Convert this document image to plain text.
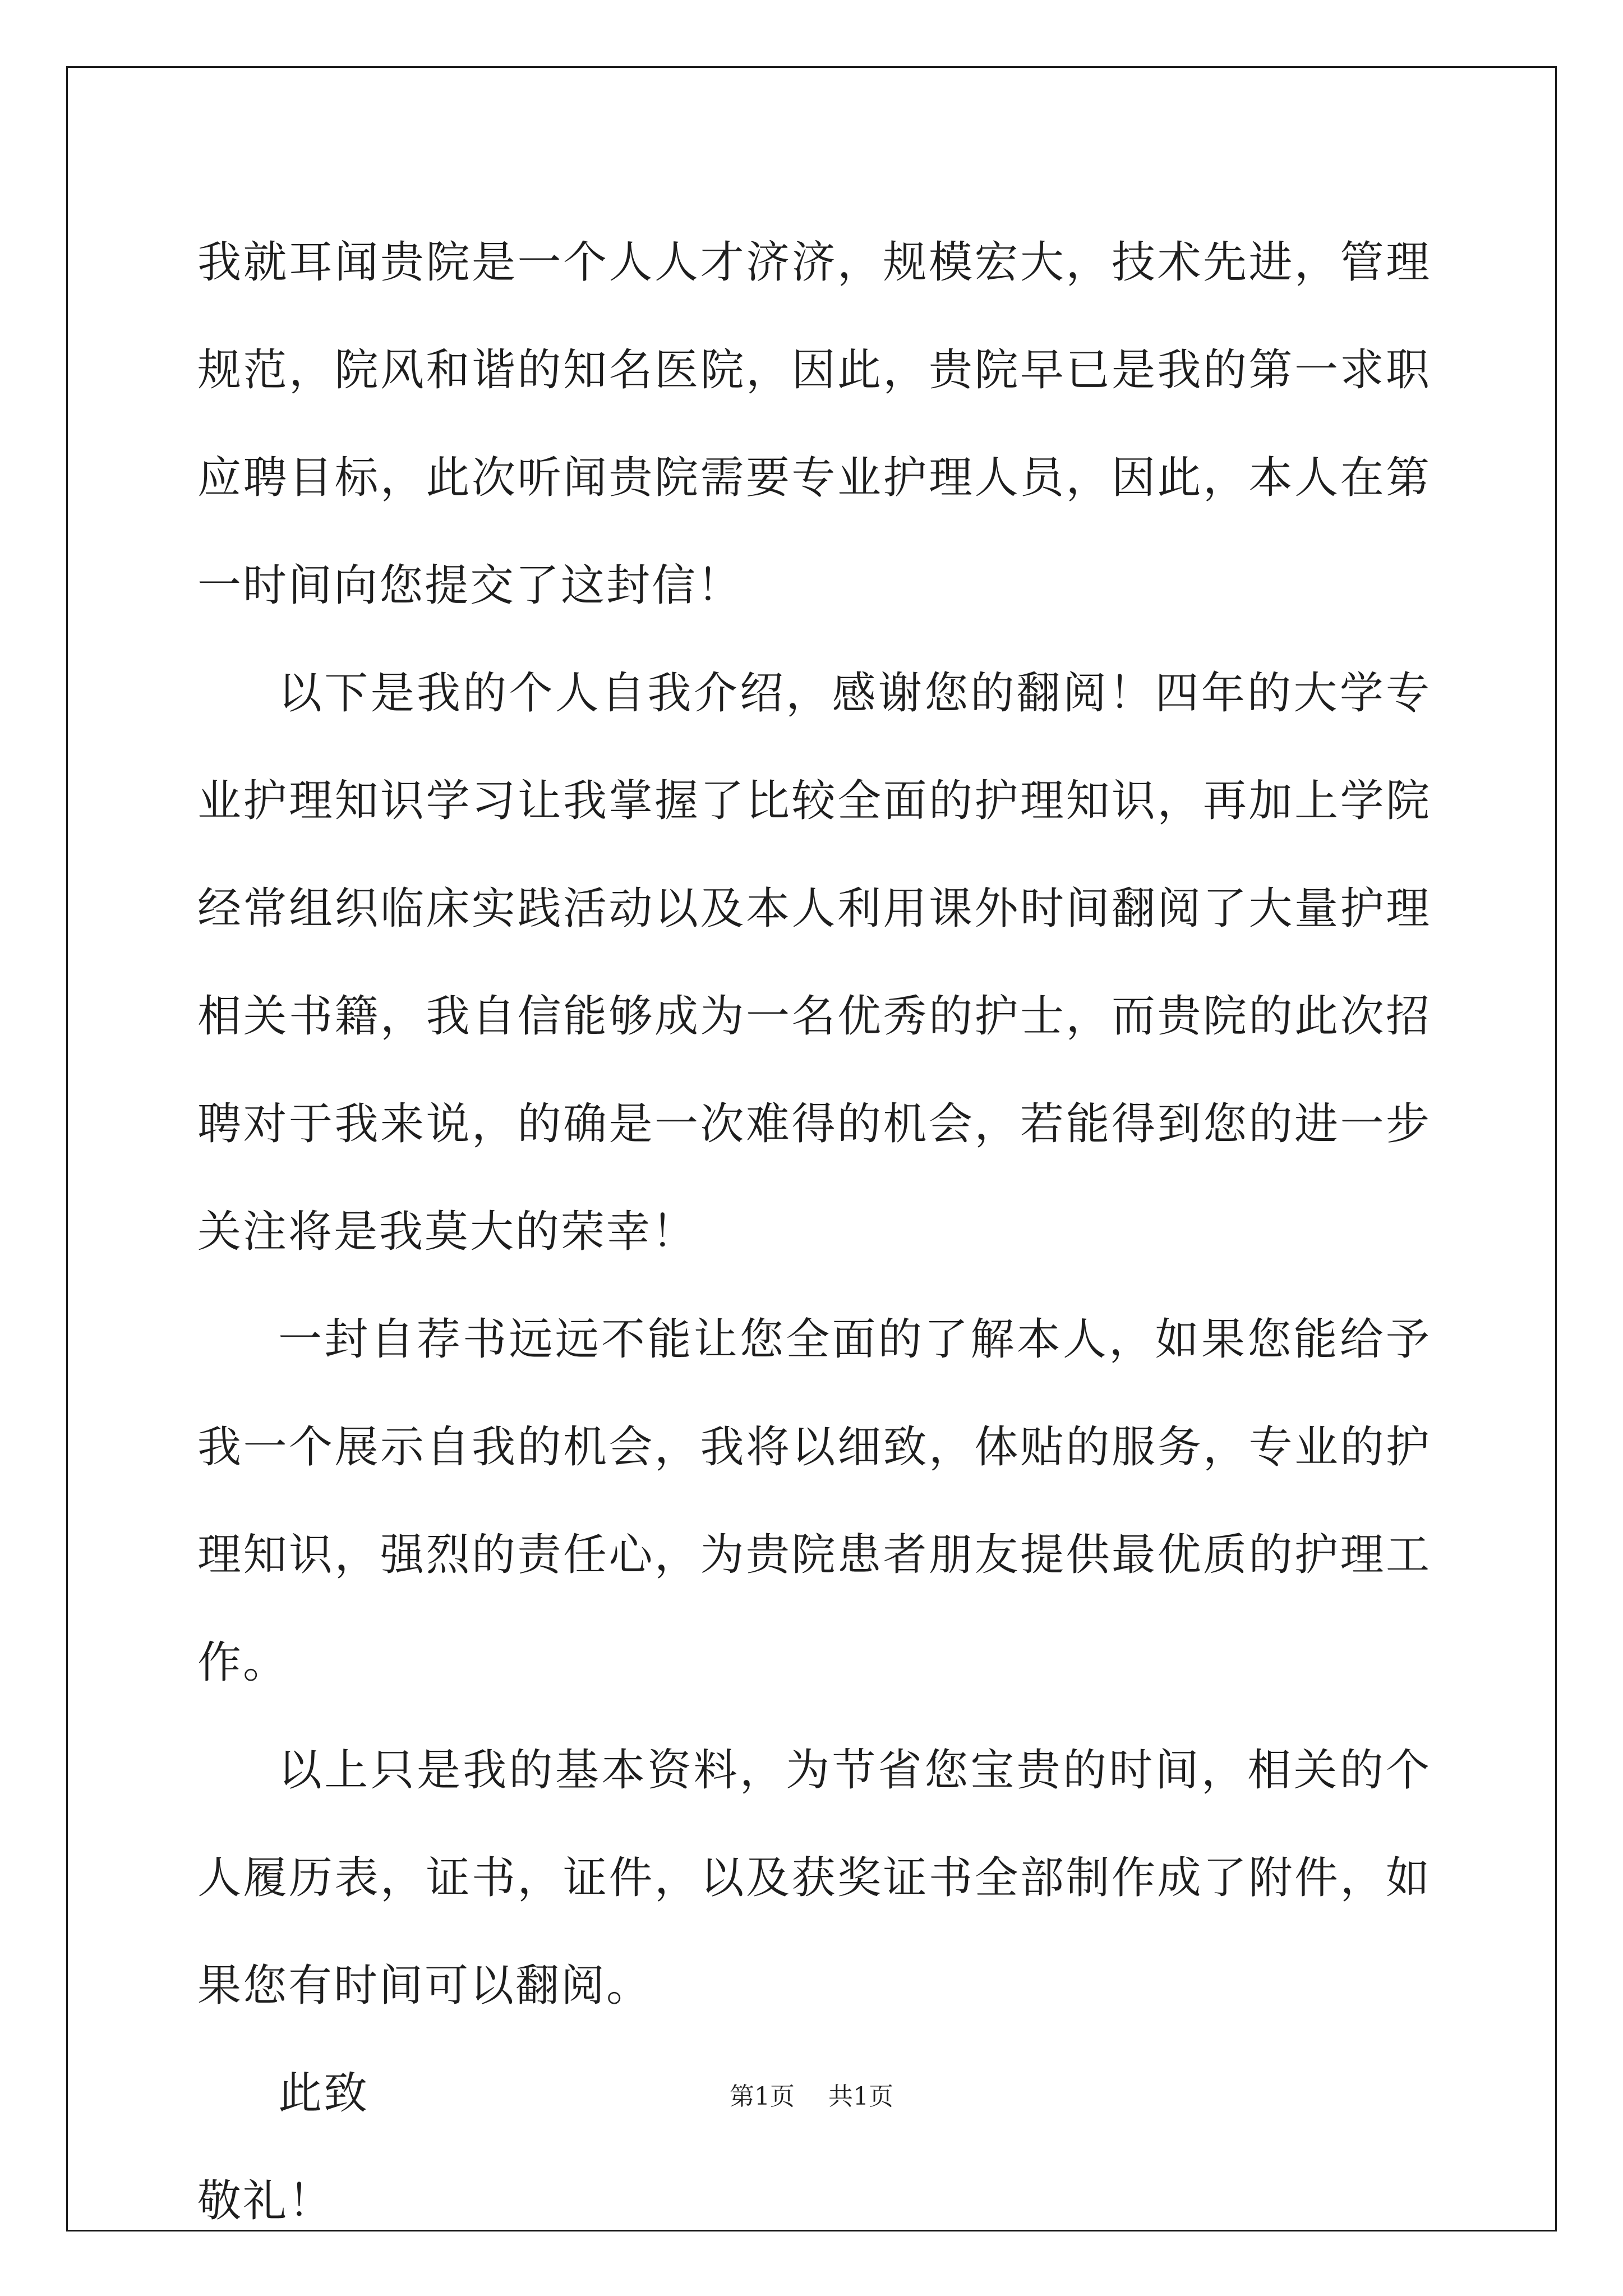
我就耳闻贵院是一个人人才济济，规模宏大，技术先进，管理规范，院风和谐的知名医院，因此，贵院早已是我的第一求职应聘目标，此次听闻贵院需要专业护理人员，因此，本人在第一时间向您提交了这封信！

以下是我的个人自我介绍，感谢您的翻阅！四年的大学专业护理知识学习让我掌握了比较全面的护理知识，再加上学院经常组织临床实践活动以及本人利用课外时间翻阅了大量护理相关书籍，我自信能够成为一名优秀的护士，而贵院的此次招聘对于我来说，的确是一次难得的机会，若能得到您的进一步关注将是我莫大的荣幸！

一封自荐书远远不能让您全面的了解本人，如果您能给予我一个展示自我的机会，我将以细致，体贴的服务，专业的护理知识，强烈的责任心，为贵院患者朋友提供最优质的护理工作。

以上只是我的基本资料，为节省您宝贵的时间，相关的个人履历表，证书，证件，以及获奖证书全部制作成了附件，如果您有时间可以翻阅。

此致

敬礼！

第1页 共1页
